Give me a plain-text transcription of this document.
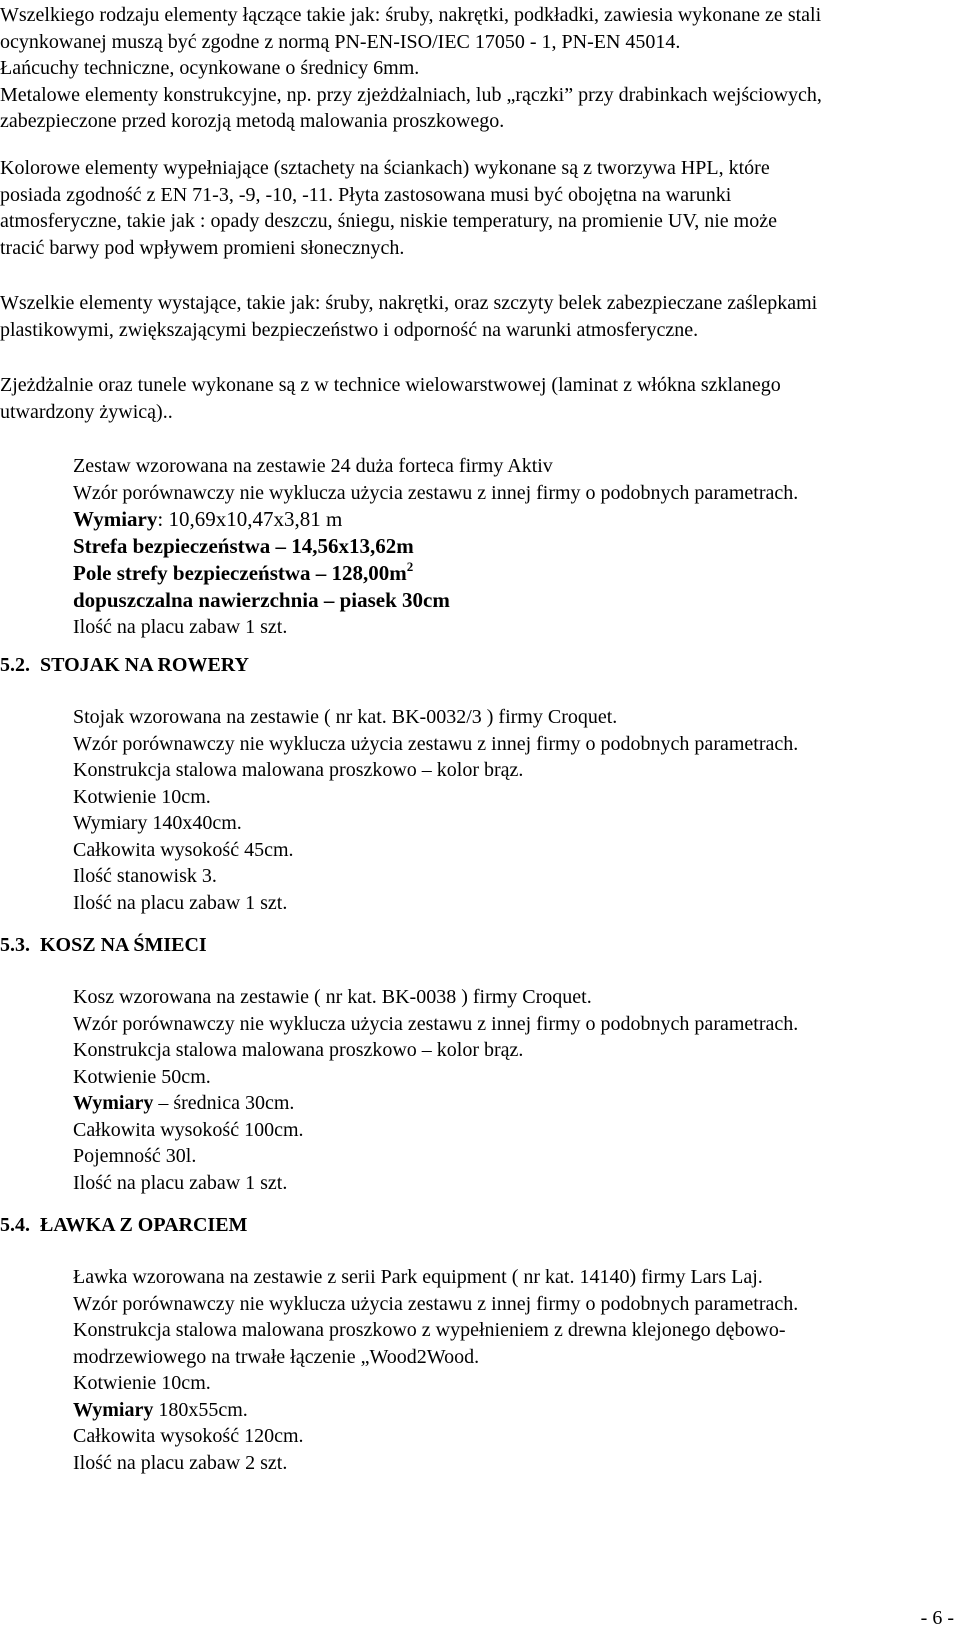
Wszelkiego rodzaju elementy łączące takie jak: śruby, nakrętki, podkładki, zawiesia wykonane ze stali
ocynkowanej muszą być zgodne z normą PN-EN-ISO/IEC 17050 - 1, PN-EN 45014.
Łańcuchy techniczne, ocynkowane o średnicy 6mm.
Metalowe elementy konstrukcyjne, np. przy zjeżdżalniach, lub „rączki” przy drabinkach wejściowych,
zabezpieczone przed korozją metodą malowania proszkowego.
Kolorowe elementy wypełniające (sztachety na ściankach) wykonane są z tworzywa HPL, które
posiada zgodność z EN 71-3, -9, -10, -11. Płyta zastosowana musi być obojętna na warunki
atmosferyczne, takie jak : opady deszczu, śniegu, niskie temperatury, na promienie UV, nie może
tracić barwy pod wpływem promieni słonecznych.
Wszelkie elementy wystające, takie jak: śruby, nakrętki, oraz szczyty belek zabezpieczane zaślepkami
plastikowymi, zwiększającymi bezpieczeństwo i odporność na warunki atmosferyczne.
Zjeżdżalnie oraz tunele wykonane są z w technice wielowarstwowej (laminat z włókna szklanego
utwardzony żywicą)..
Zestaw wzorowana na zestawie 24 duża forteca firmy Aktiv
Wzór porównawczy nie wyklucza użycia zestawu z innej firmy o podobnych parametrach.
Wymiary: 10,69x10,47x3,81 m
Strefa bezpieczeństwa – 14,56x13,62m
Pole strefy bezpieczeństwa – $128,00m^2$
dopuszczalna nawierzchnia – piasek 30cm
Ilość na placu zabaw 1 szt.
5.2. STOJAK NA ROWERY
Stojak wzorowana na zestawie ( nr kat. BK-0032/3 ) firmy Croquet.
Wzór porównawczy nie wyklucza użycia zestawu z innej firmy o podobnych parametrach.
Konstrukcja stalowa malowana proszkowo – kolor brąz.
Kotwienie 10cm.
Wymiary 140x40cm.
Całkowita wysokość 45cm.
Ilość stanowisk 3.
Ilość na placu zabaw 1 szt.
5.3. KOSZ NA ŚMIECI
Kosz wzorowana na zestawie ( nr kat. BK-0038 ) firmy Croquet.
Wzór porównawczy nie wyklucza użycia zestawu z innej firmy o podobnych parametrach.
Konstrukcja stalowa malowana proszkowo – kolor brąz.
Kotwienie 50cm.
Wymiary – średnica 30cm.
Całkowita wysokość 100cm.
Pojemność 30l.
Ilość na placu zabaw 1 szt.
5.4. ŁAWKA Z OPARCIEM
Ławka wzorowana na zestawie z serii Park equipment ( nr kat. 14140) firmy Lars Laj.
Wzór porównawczy nie wyklucza użycia zestawu z innej firmy o podobnych parametrach.
Konstrukcja stalowa malowana proszkowo z wypełnieniem z drewna klejonego dębowo-
modrzewiowego na trwałe łączenie „Wood2Wood.
Kotwienie 10cm.
Wymiary 180x55cm.
Całkowita wysokość 120cm.
Ilość na placu zabaw 2 szt.
- 6 -
